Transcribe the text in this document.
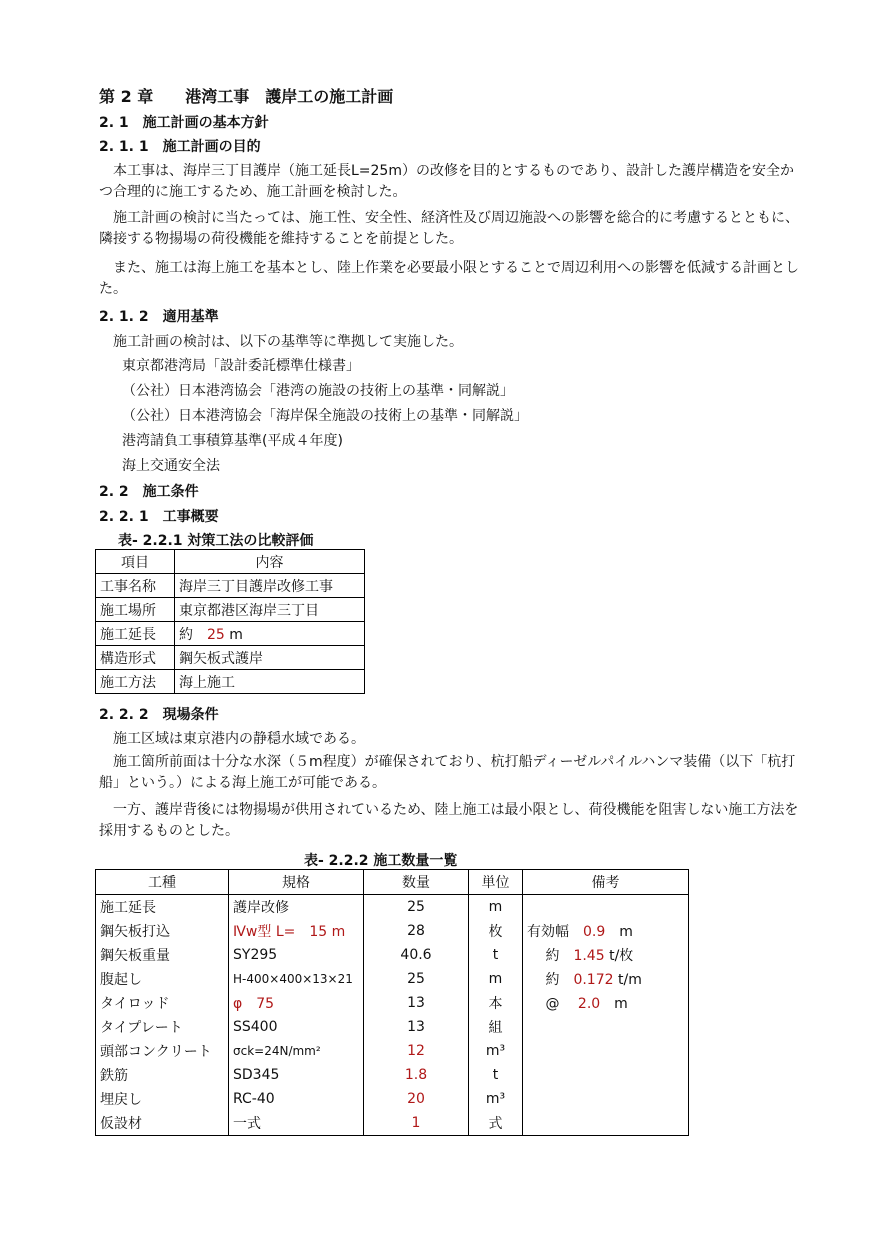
第 2 章　　港湾工事　護岸工の施工計画
2. 1　施工計画の基本方針
2. 1. 1　施工計画の目的
本工事は、海岸三丁目護岸（施工延長L=25m）の改修を目的とするものであり、設計した護岸構造を安全かつ合理的に施工するため、施工計画を検討した。
施工計画の検討に当たっては、施工性、安全性、経済性及び周辺施設への影響を総合的に考慮するとともに、隣接する物揚場の荷役機能を維持することを前提とした。
また、施工は海上施工を基本とし、陸上作業を必要最小限とすることで周辺利用への影響を低減する計画とした。
2. 1. 2　適用基準
施工計画の検討は、以下の基準等に準拠して実施した。
東京都港湾局「設計委託標準仕様書」
（公社）日本港湾協会「港湾の施設の技術上の基準・同解説」
（公社）日本港湾協会「海岸保全施設の技術上の基準・同解説」
港湾請負工事積算基準(平成４年度)
海上交通安全法
2. 2　施工条件
2. 2. 1　工事概要
表- 2.2.1 対策工法の比較評価
項目	内容
工事名称	海岸三丁目護岸改修工事
施工場所	東京都港区海岸三丁目
施工延長	約　25 m
構造形式	鋼矢板式護岸
施工方法	海上施工
2. 2. 2　現場条件
施工区域は東京港内の静穏水域である。
施工箇所前面は十分な水深（５m程度）が確保されており、杭打船ディーゼルパイルハンマ装備（以下「杭打船」という。）による海上施工が可能である。
一方、護岸背後には物揚場が供用されているため、陸上施工は最小限とし、荷役機能を阻害しない施工方法を採用するものとした。
表- 2.2.2 施工数量一覧
工種	規格	数量	単位	備考
施工延長	護岸改修	25	m	
鋼矢板打込	Ⅳw型 L=　15 m	28	枚	有効幅　0.9　m
鋼矢板重量	SY295	40.6	t	　 約　1.45 t/枚
腹起し	H-400×400×13×21	25	m	　 約　0.172 t/m
タイロッド	φ　75	13	本	　 @　 2.0　m
タイプレート	SS400	13	組	
頭部コンクリート	σck=24N/mm²	12	m³	
鉄筋	SD345	1.8	t	
埋戻し	RC-40	20	m³	
仮設材	一式	1	式	
